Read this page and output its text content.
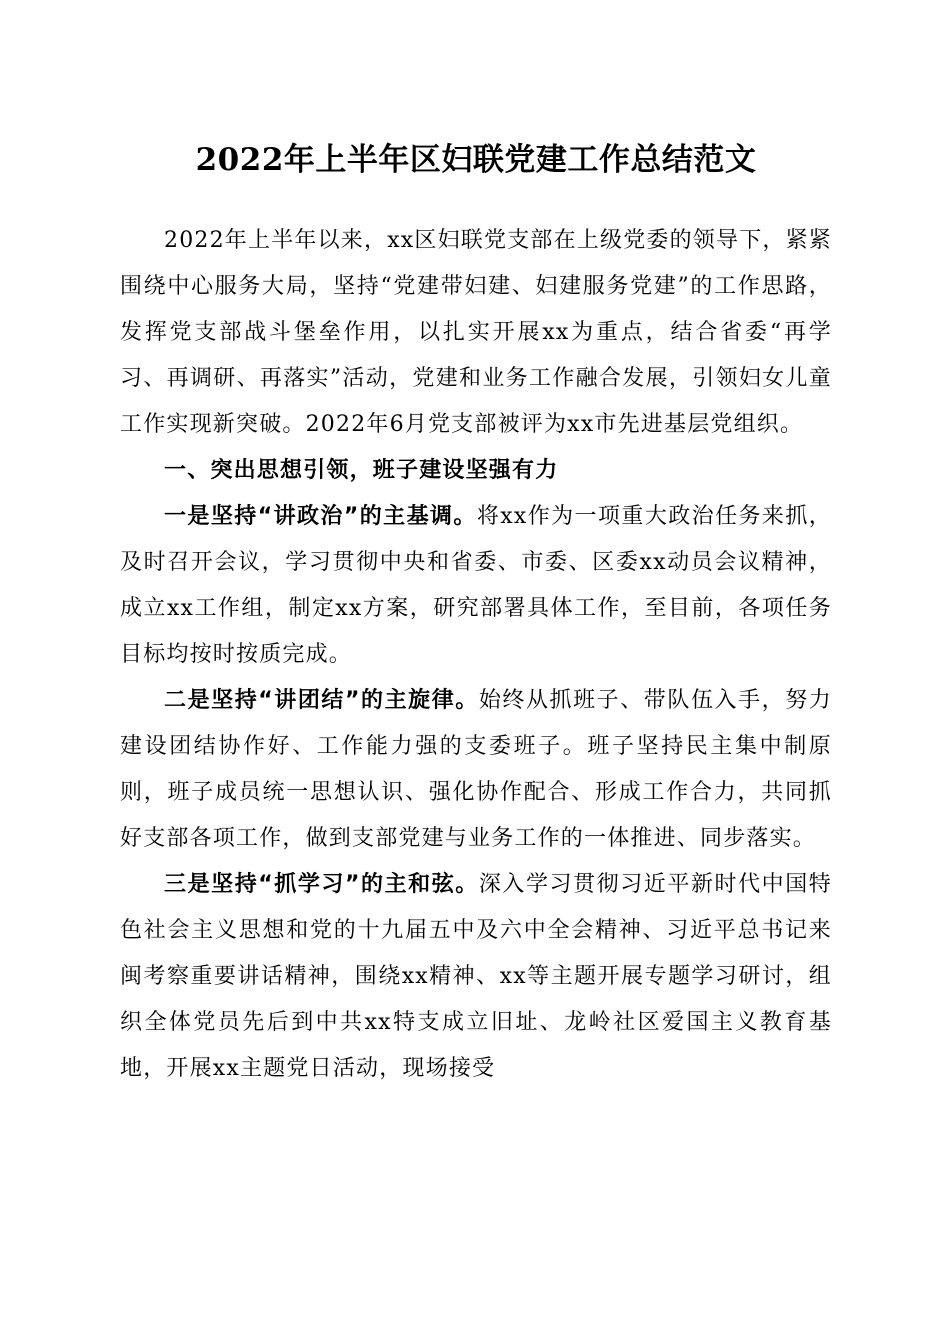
2022年上半年区妇联党建工作总结范文

2022年上半年以来，xx区妇联党支部在上级党委的领导下，紧紧围绕中心服务大局，坚持“党建带妇建、妇建服务党建”的工作思路，发挥党支部战斗堡垒作用，以扎实开展xx为重点，结合省委“再学习、再调研、再落实”活动，党建和业务工作融合发展，引领妇女儿童工作实现新突破。2022年6月党支部被评为xx市先进基层党组织。

一、突出思想引领，班子建设坚强有力

一是坚持“讲政治”的主基调。将xx作为一项重大政治任务来抓，及时召开会议，学习贯彻中央和省委、市委、区委xx动员会议精神，成立xx工作组，制定xx方案，研究部署具体工作，至目前，各项任务目标均按时按质完成。

二是坚持“讲团结”的主旋律。始终从抓班子、带队伍入手，努力建设团结协作好、工作能力强的支委班子。班子坚持民主集中制原则，班子成员统一思想认识、强化协作配合、形成工作合力，共同抓好支部各项工作，做到支部党建与业务工作的一体推进、同步落实。

三是坚持“抓学习”的主和弦。深入学习贯彻习近平新时代中国特色社会主义思想和党的十九届五中及六中全会精神、习近平总书记来闽考察重要讲话精神，围绕xx精神、xx等主题开展专题学习研讨，组织全体党员先后到中共xx特支成立旧址、龙岭社区爱国主义教育基地，开展xx主题党日活动，现场接受
